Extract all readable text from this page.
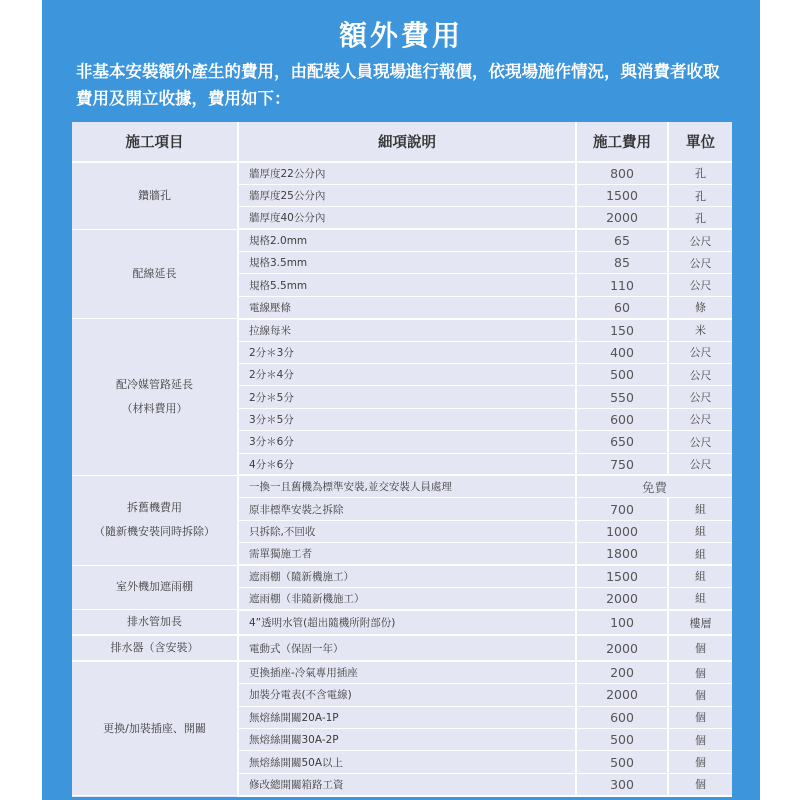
額外費用
非基本安裝額外產生的費用，由配裝人員現場進行報價，依現場施作情況，與消費者收取費用及開立收據，費用如下：
施工項目	細項說明	施工費用	單位
鑽牆孔	牆厚度22公分內	800	孔
	牆厚度25公分內	1500	孔
	牆厚度40公分內	2000	孔
配線延長	規格2.0mm	65	公尺
	規格3.5mm	85	公尺
	規格5.5mm	110	公尺
	電線壓條	60	條
配冷媒管路延長
（材料費用）	拉線每米	150	米
	2分＊3分	400	公尺
	2分＊4分	500	公尺
	2分＊5分	550	公尺
	3分＊5分	600	公尺
	3分＊6分	650	公尺
	4分＊6分	750	公尺
拆舊機費用
（隨新機安裝同時拆除）	一換一且舊機為標準安裝,並交安裝人員處理	免費	
	原非標準安裝之拆除	700	組
	只拆除,不回收	1000	組
	需單獨施工者	1800	組
室外機加遮雨棚	遮雨棚（隨新機施工）	1500	組
	遮雨棚（非隨新機施工）	2000	組
排水管加長	4”透明水管(超出隨機所附部份)	100	樓層
排水器（含安裝）	電動式（保固一年）	2000	個
更換/加裝插座、開關	更換插座-冷氣專用插座	200	個
	加裝分電表(不含電線)	2000	個
	無熔絲開關20A-1P	600	個
	無熔絲開關30A-2P	500	個
	無熔絲開關50A以上	500	個
	修改總開關箱路工資	300	個
